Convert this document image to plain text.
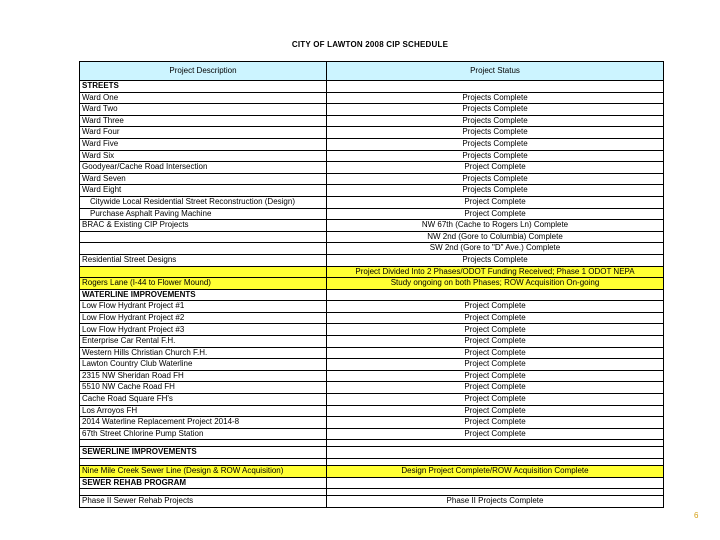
CITY OF LAWTON 2008 CIP SCHEDULE
Project Description	Project Status
STREETS	
Ward One	Projects Complete
Ward Two	Projects Complete
Ward Three	Projects Complete
Ward Four	Projects Complete
Ward Five	Projects Complete
Ward Six	Projects Complete
Goodyear/Cache Road Intersection	Project Complete
Ward Seven	Projects Complete
Ward Eight	Projects Complete
Citywide Local Residential Street Reconstruction (Design)	Project Complete
Purchase Asphalt Paving Machine	Project Complete
BRAC & Existing CIP Projects	NW 67th (Cache to Rogers Ln) Complete
	NW 2nd (Gore to Columbia) Complete
	SW 2nd (Gore to "D" Ave.) Complete
Residential Street Designs	Projects Complete
	Project Divided Into 2 Phases/ODOT Funding Received; Phase 1 ODOT NEPA
Rogers Lane (I-44 to Flower Mound)	Study ongoing on both Phases; ROW Acquisition On-going
WATERLINE IMPROVEMENTS	
Low Flow Hydrant Project #1	Project Complete
Low Flow Hydrant Project #2	Project Complete
Low Flow Hydrant Project #3	Project Complete
Enterprise Car Rental F.H.	Project Complete
Western Hills Christian Church F.H.	Project Complete
Lawton Country Club Waterline	Project Complete
2315 NW Sheridan Road FH	Project Complete
5510 NW Cache Road FH	Project Complete
Cache Road Square FH's	Project Complete
Los Arroyos FH	Project Complete
2014 Waterline Replacement Project 2014-8	Project Complete
67th Street Chlorine Pump Station	Project Complete

SEWERLINE IMPROVEMENTS	

Nine Mile Creek Sewer Line (Design & ROW Acquisition)	Design Project Complete/ROW Acquisition Complete
SEWER REHAB PROGRAM	

Phase II Sewer Rehab Projects	Phase II Projects Complete
6
